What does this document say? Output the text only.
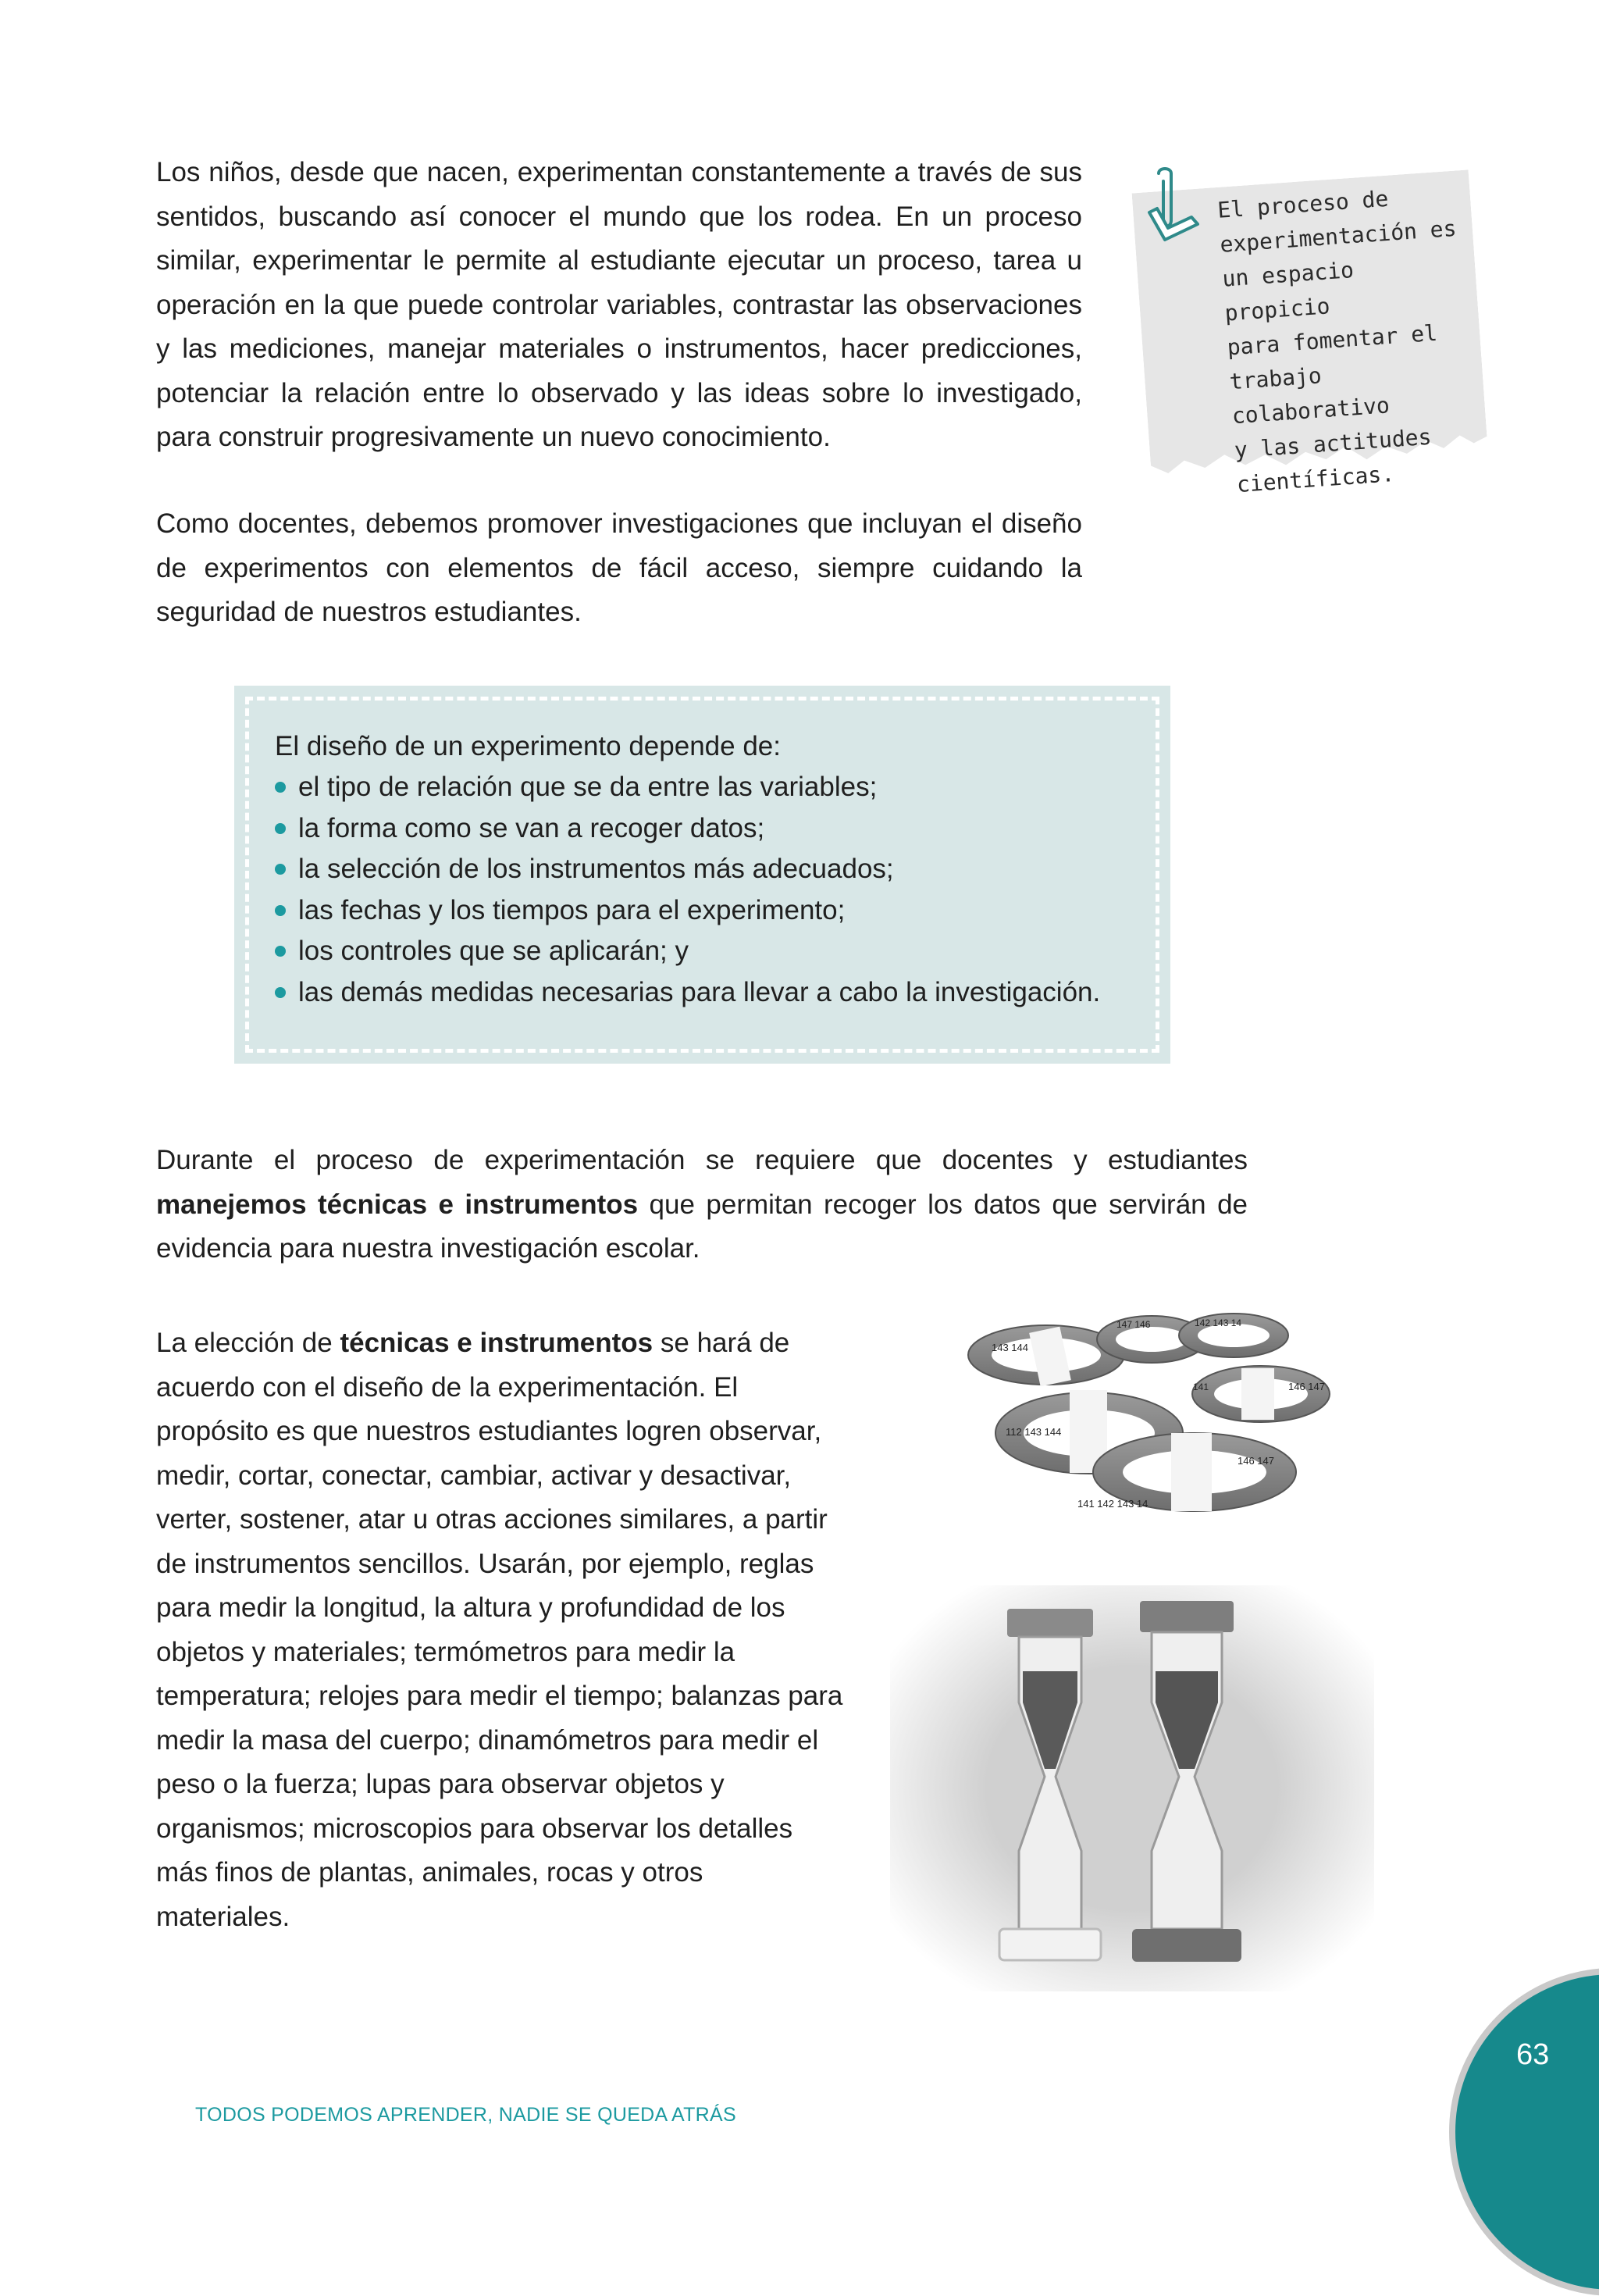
Los niños, desde que nacen, experimentan constantemente a través de sus sentidos, buscando así conocer el mundo que los rodea. En un proceso similar, experimentar le permite al estudiante ejecutar un proceso, tarea u operación en la que puede controlar variables, contrastar las observaciones y las mediciones, manejar materiales o instrumentos, hacer predicciones, potenciar la relación entre lo observado y las ideas sobre lo investigado, para construir progresivamente un nuevo conocimiento.

El proceso de
experimentación es
un espacio propicio
para fomentar el
trabajo colaborativo
y las actitudes
científicas.

Como docentes, debemos promover investigaciones que incluyan el diseño de experimentos con elementos de fácil acceso, siempre cuidando la seguridad de nuestros estudiantes.

El diseño de un experimento depende de:
el tipo de relación que se da entre las variables;
la forma como se van a recoger datos;
la selección de los instrumentos más adecuados;
las fechas y los tiempos para el experimento;
los controles que se aplicarán; y
las demás medidas necesarias para llevar a cabo la investigación.

Durante el proceso de experimentación se requiere que docentes y estudiantes manejemos técnicas e instrumentos que permitan recoger los datos que servirán de evidencia para nuestra investigación escolar.

La elección de técnicas e instrumentos se hará de acuerdo con el diseño de la experimentación. El propósito es que nuestros estudiantes logren observar, medir, cortar, conectar, cambiar, activar y desactivar, verter, sostener, atar u otras acciones similares, a partir de instrumentos sencillos. Usarán, por ejemplo, reglas para medir la longitud, la altura y profundidad de los objetos y materiales; termómetros para medir la temperatura; relojes para medir el tiempo; balanzas para medir la masa del cuerpo; dinamómetros para medir el peso o la fuerza; lupas para observar objetos y organismos; microscopios para observar los detalles más finos de plantas, animales, rocas y otros materiales.

143 144
147 146	142 143 14
146 147
141
112 143 144
146 147
141 142 143 14
TODOS PODEMOS APRENDER, NADIE SE QUEDA ATRÁS
63
